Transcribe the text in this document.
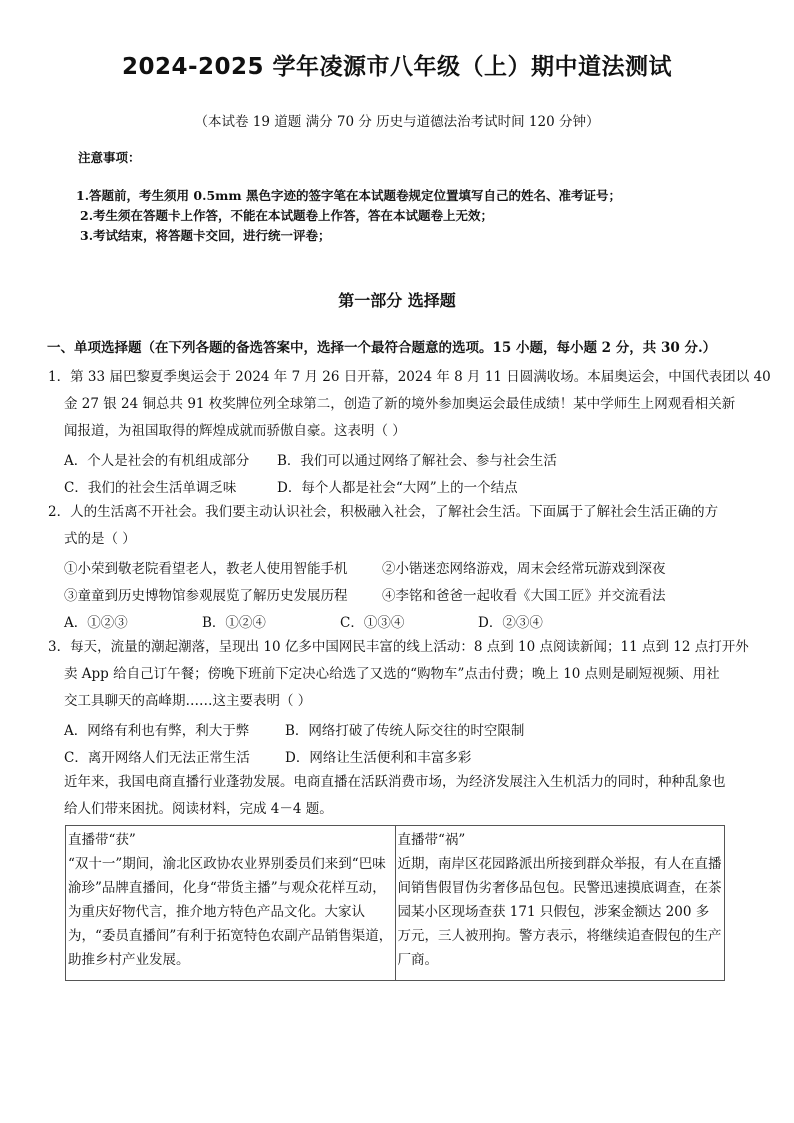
2024-2025 学年凌源市八年级（上）期中道法测试
（本试卷 19 道题 满分 70 分 历史与道德法治考试时间 120 分钟）
注意事项：
1.答题前，考生须用 0.5mm 黑色字迹的签字笔在本试题卷规定位置填写自己的姓名、准考证号；
2.考生须在答题卡上作答，不能在本试题卷上作答，答在本试题卷上无效；
3.考试结束，将答题卡交回，进行统一评卷；
第一部分 选择题
一、单项选择题（在下列各题的备选答案中，选择一个最符合题意的选项。15 小题，每小题 2 分，共 30 分.）
1．第 33 届巴黎夏季奥运会于 2024 年 7 月 26 日开幕，2024 年 8 月 11 日圆满收场。本届奥运会，中国代表团以 40
金 27 银 24 铜总共 91 枚奖牌位列全球第二，创造了新的境外参加奥运会最佳成绩！某中学师生上网观看相关新
闻报道，为祖国取得的辉煌成就而骄傲自豪。这表明（ ）
A．个人是社会的有机组成部分 B．我们可以通过网络了解社会、参与社会生活
C．我们的社会生活单调乏味	D．每个人都是社会“大网”上的一个结点
2．人的生活离不开社会。我们要主动认识社会，积极融入社会，了解社会生活。下面属于了解社会生活正确的方
式的是（ ）
①小荣到敬老院看望老人，教老人使用智能手机	②小锴迷恋网络游戏，周末会经常玩游戏到深夜
③童童到历史博物馆参观展览了解历史发展历程	④李铭和爸爸一起收看《大国工匠》并交流看法
A．①②③	B．①②④	C．①③④	D．②③④
3．每天，流量的潮起潮落，呈现出 10 亿多中国网民丰富的线上活动：8 点到 10 点阅读新闻；11 点到 12 点打开外
卖 App 给自己订午餐；傍晚下班前下定决心给选了又选的“购物车”点击付费；晚上 10 点则是刷短视频、用社
交工具聊天的高峰期……这主要表明（ ）
A．网络有利也有弊，利大于弊	B．网络打破了传统人际交往的时空限制
C．离开网络人们无法正常生活	D．网络让生活便利和丰富多彩
近年来，我国电商直播行业蓬勃发展。电商直播在活跃消费市场，为经济发展注入生机活力的同时，种种乱象也
给人们带来困扰。阅读材料，完成 4－4 题。
直播带“获”
“双十一”期间，渝北区政协农业界别委员们来到“巴味渝珍”品牌直播间，化身“带货主播”与观众花样互动，为重庆好物代言，推介地方特色产品文化。大家认为，“委员直播间”有利于拓宽特色农副产品销售渠道，助推乡村产业发展。

直播带“祸”
近期，南岸区花园路派出所接到群众举报，有人在直播间销售假冒伪劣奢侈品包包。民警迅速摸底调查，在茶园某小区现场查获 171 只假包，涉案金额达 200 多万元，三人被刑拘。警方表示，将继续追查假包的生产厂商。
